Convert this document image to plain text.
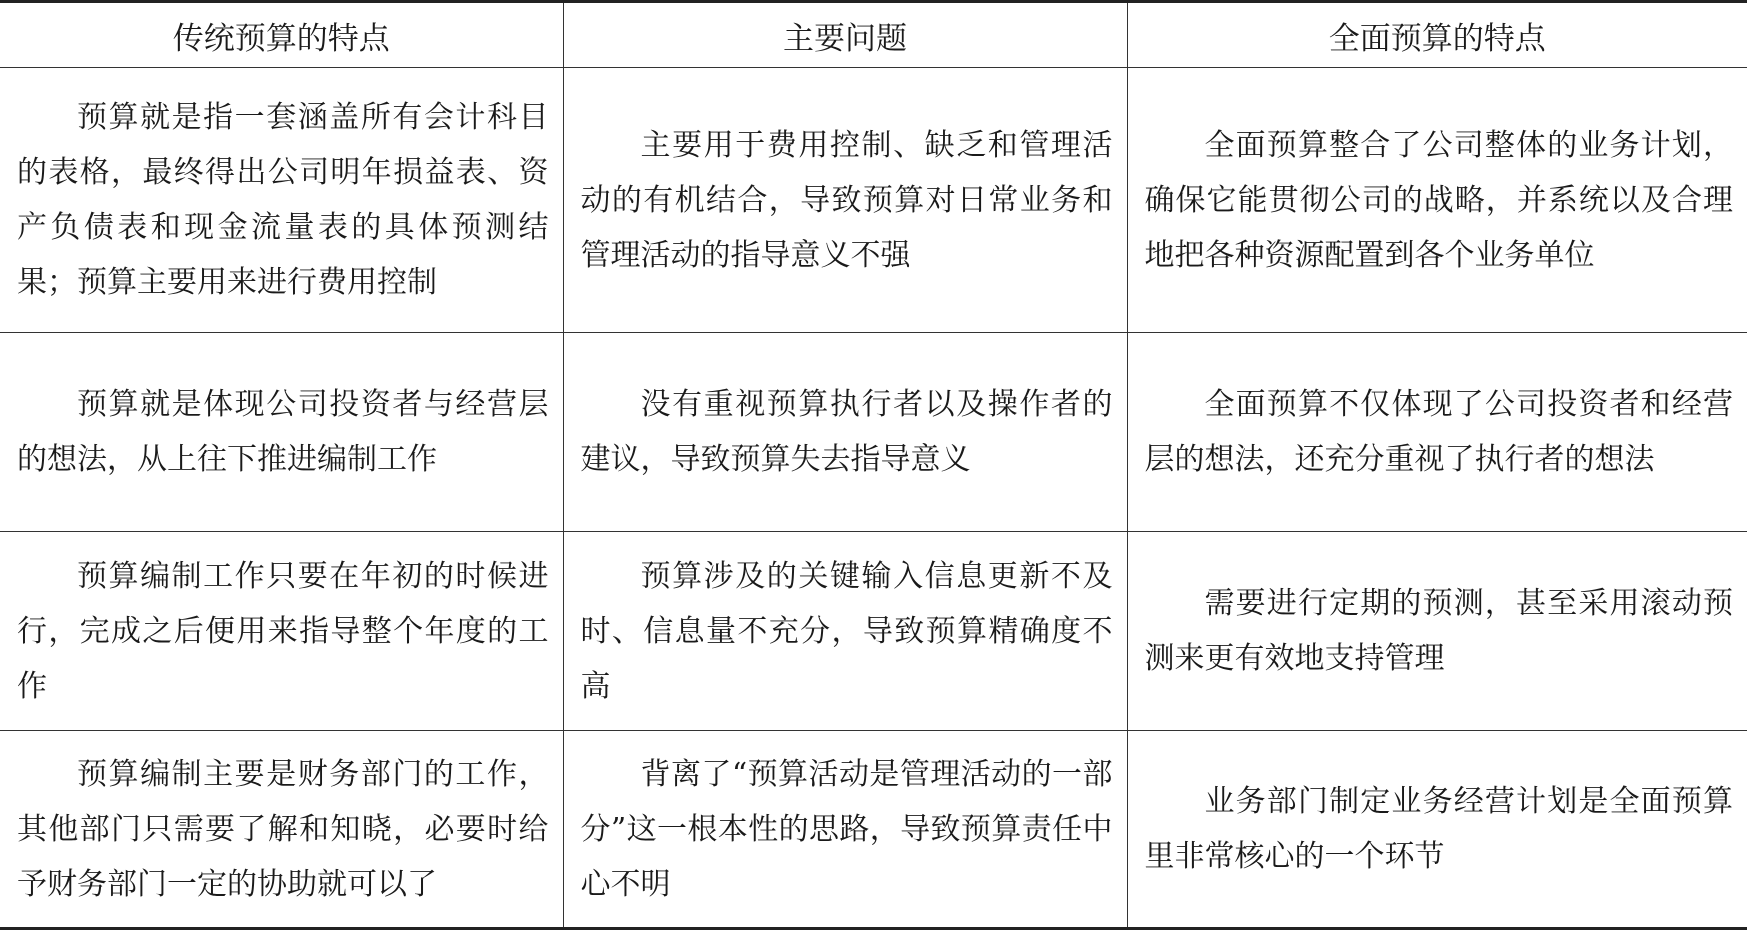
传统预算的特点	主要问题	全面预算的特点

预算就是指一套涵盖所有会计科目的表格，最终得出公司明年损益表、资产负债表和现金流量表的具体预测结果；预算主要用来进行费用控制	主要用于费用控制、缺乏和管理活动的有机结合，导致预算对日常业务和管理活动的指导意义不强	全面预算整合了公司整体的业务计划，确保它能贯彻公司的战略，并系统以及合理地把各种资源配置到各个业务单位

预算就是体现公司投资者与经营层的想法，从上往下推进编制工作	没有重视预算执行者以及操作者的建议，导致预算失去指导意义	全面预算不仅体现了公司投资者和经营层的想法，还充分重视了执行者的想法

预算编制工作只要在年初的时候进行，完成之后便用来指导整个年度的工作	预算涉及的关键输入信息更新不及时、信息量不充分，导致预算精确度不高	需要进行定期的预测，甚至采用滚动预测来更有效地支持管理

预算编制主要是财务部门的工作，其他部门只需要了解和知晓，必要时给予财务部门一定的协助就可以了	背离了“预算活动是管理活动的一部分”这一根本性的思路，导致预算责任中心不明	业务部门制定业务经营计划是全面预算里非常核心的一个环节
